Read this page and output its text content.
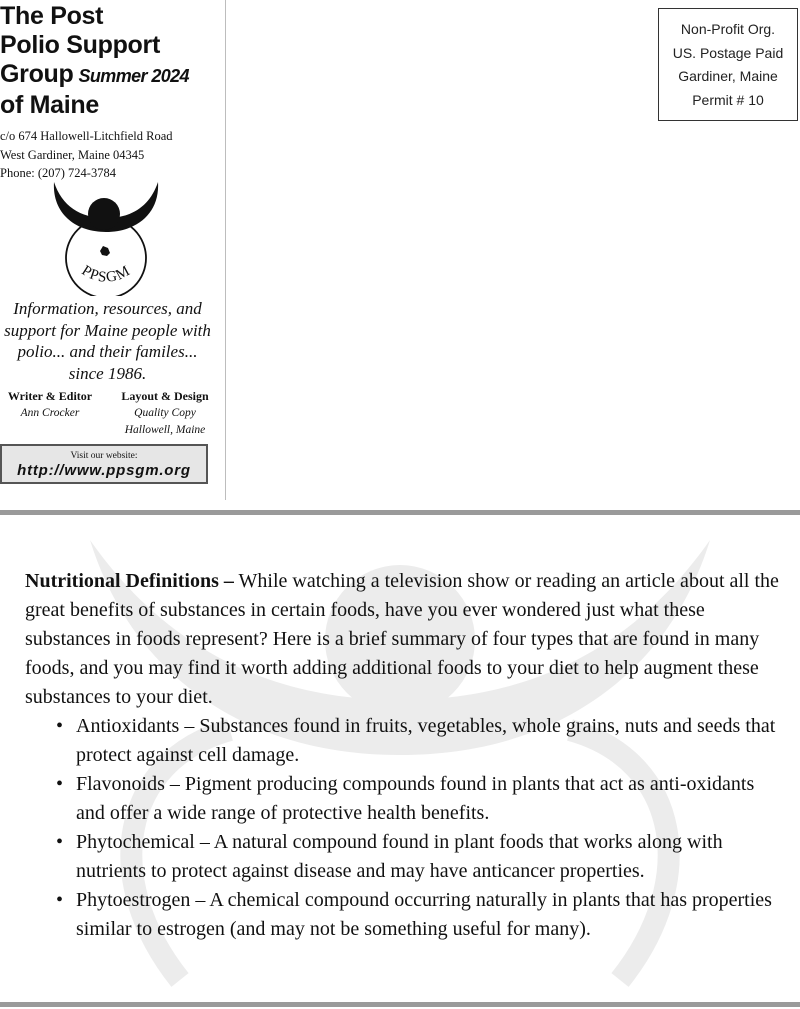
The Post
Polio Support
Group Summer 2024
of Maine
c/o 674 Hallowell-Litchfield Road
West Gardiner, Maine 04345
Phone: (207) 724-3784
PPSGM
Information, resources, and support for Maine people with polio... and their familes... since 1986.
Writer & Editor
Ann Crocker
Layout & Design
Quality Copy
Hallowell, Maine
Visit our website:
http://www.ppsgm.org
Non-Profit Org.
US. Postage Paid
Gardiner, Maine
Permit # 10

Nutritional Definitions – While watching a television show or reading an article about all the great benefits of substances in certain foods, have you ever wondered just what these substances in foods represent? Here is a brief summary of four types that are found in many foods, and you may find it worth adding additional foods to your diet to help augment these substances to your diet.

• Antioxidants – Substances found in fruits, vegetables, whole grains, nuts and seeds that protect against cell damage.
• Flavonoids – Pigment producing compounds found in plants that act as anti-oxidants and offer a wide range of protective health benefits.
• Phytochemical – A natural compound found in plant foods that works along with nutrients to protect against disease and may have anticancer properties.
• Phytoestrogen – A chemical compound occurring naturally in plants that has properties similar to estrogen (and may not be something useful for many).
